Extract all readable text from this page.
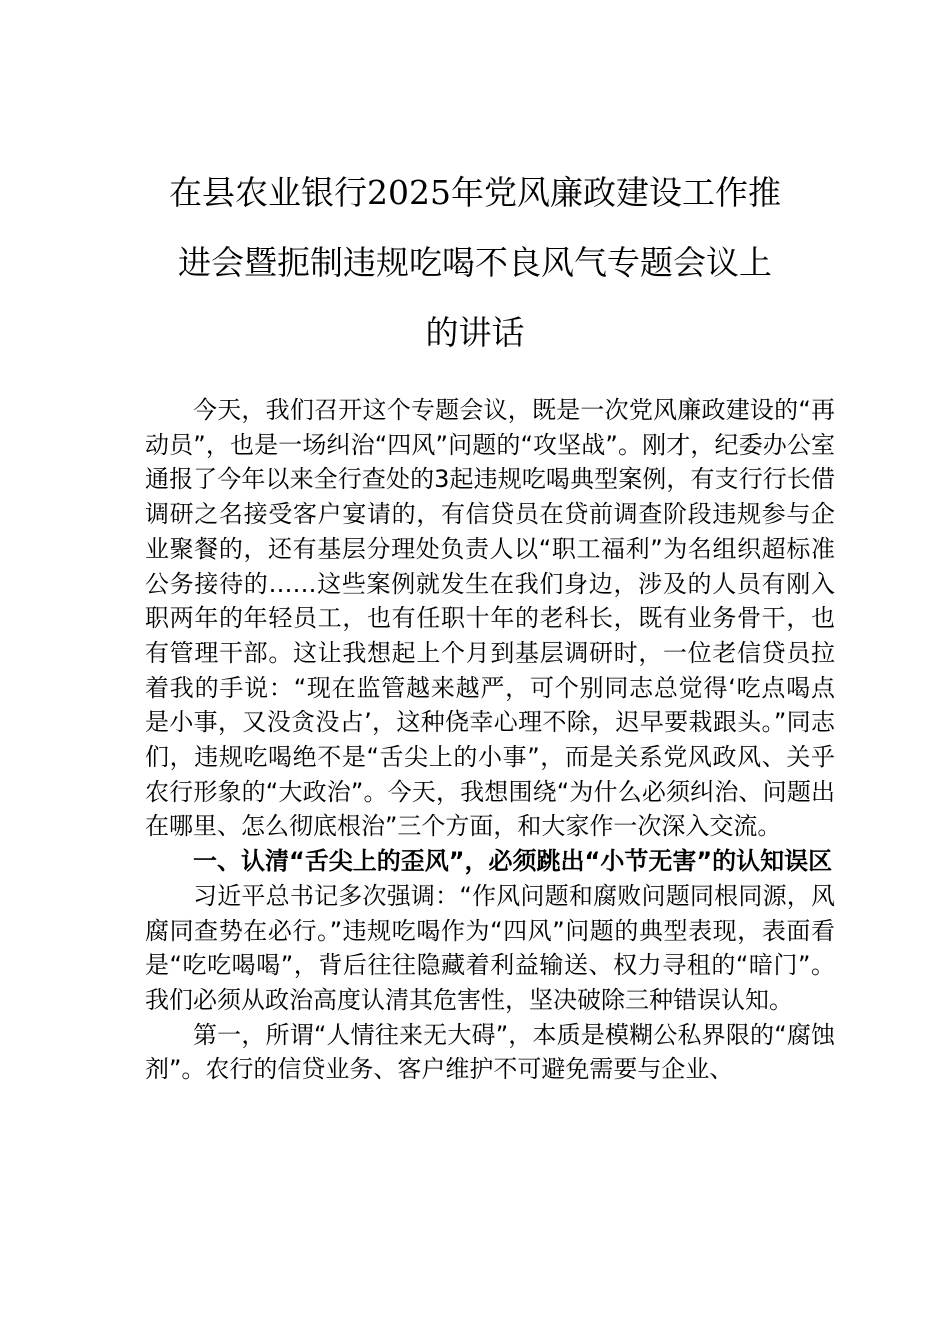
在县农业银行2025年党风廉政建设工作推
进会暨扼制违规吃喝不良风气专题会议上
的讲话

今天，我们召开这个专题会议，既是一次党风廉政建设的“再动员”，也是一场纠治“四风”问题的“攻坚战”。刚才，纪委办公室通报了今年以来全行查处的3起违规吃喝典型案例，有支行行长借调研之名接受客户宴请的，有信贷员在贷前调查阶段违规参与企业聚餐的，还有基层分理处负责人以“职工福利”为名组织超标准公务接待的……这些案例就发生在我们身边，涉及的人员有刚入职两年的年轻员工，也有任职十年的老科长，既有业务骨干，也有管理干部。这让我想起上个月到基层调研时，一位老信贷员拉着我的手说：“现在监管越来越严，可个别同志总觉得‘吃点喝点是小事，又没贪没占’，这种侥幸心理不除，迟早要栽跟头。”同志们，违规吃喝绝不是“舌尖上的小事”，而是关系党风政风、关乎农行形象的“大政治”。今天，我想围绕“为什么必须纠治、问题出在哪里、怎么彻底根治”三个方面，和大家作一次深入交流。

一、认清“舌尖上的歪风”，必须跳出“小节无害”的认知误区

习近平总书记多次强调：“作风问题和腐败问题同根同源，风腐同查势在必行。”违规吃喝作为“四风”问题的典型表现，表面看是“吃吃喝喝”，背后往往隐藏着利益输送、权力寻租的“暗门”。我们必须从政治高度认清其危害性，坚决破除三种错误认知。

第一，所谓“人情往来无大碍”，本质是模糊公私界限的“腐蚀剂”。农行的信贷业务、客户维护不可避免需要与企业、
